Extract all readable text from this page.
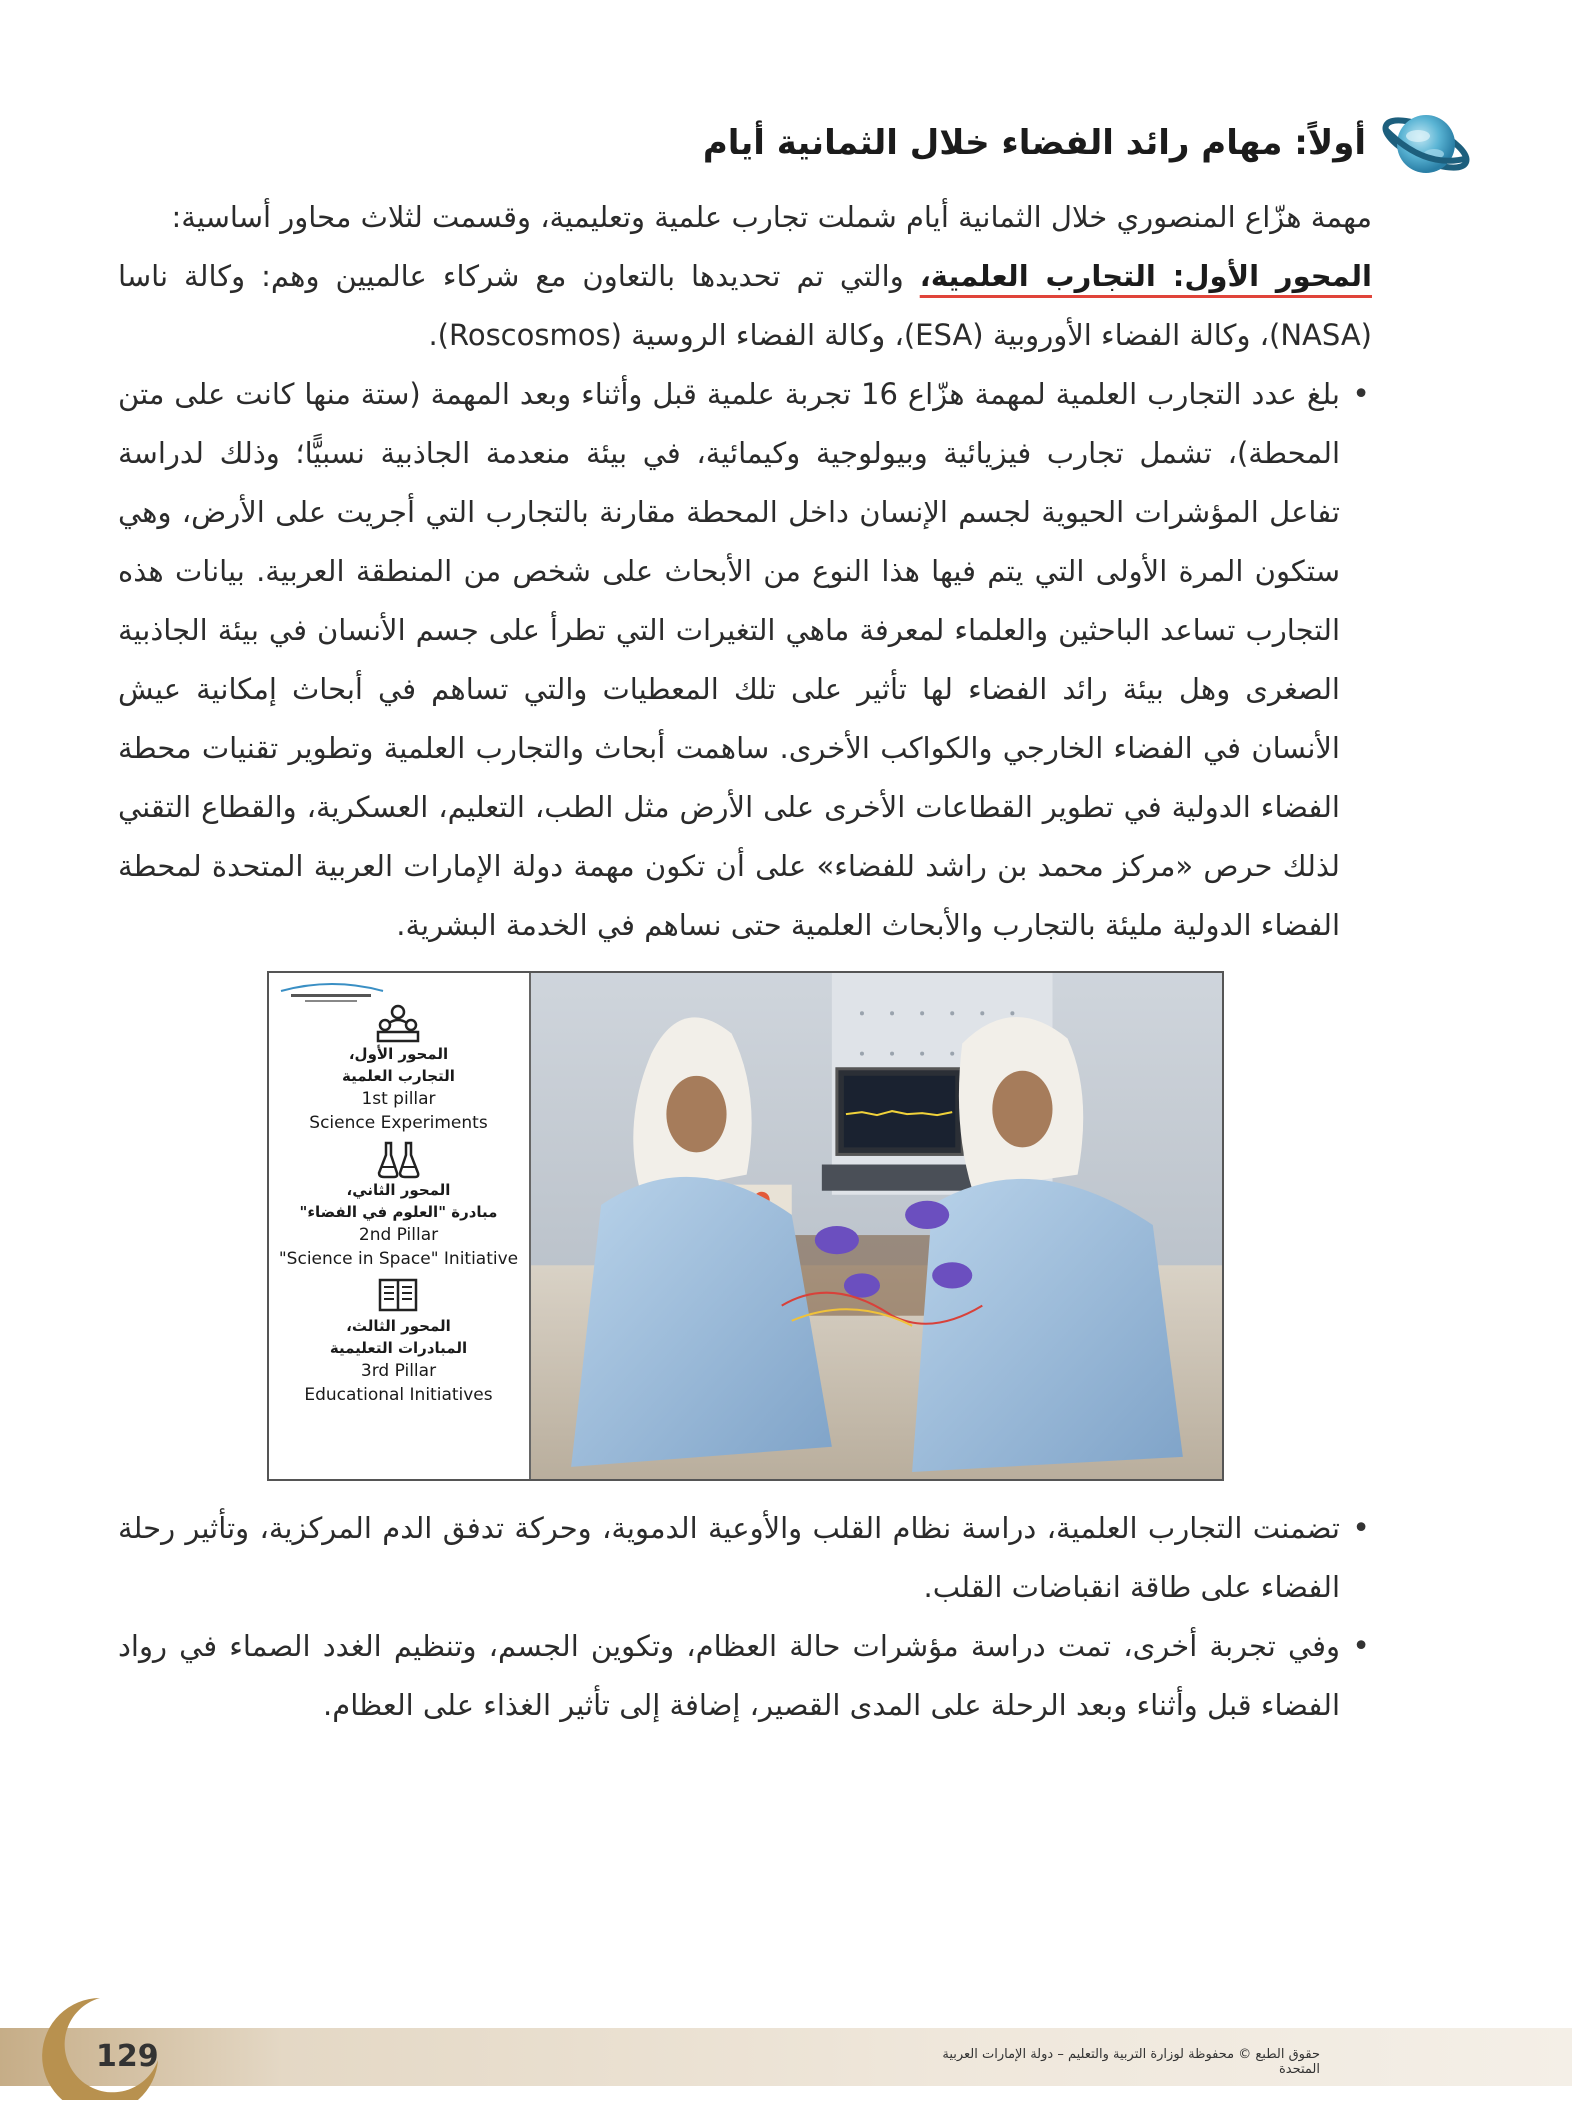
أولاً: مهام رائد الفضاء خلال الثمانية أيام

مهمة هزّاع المنصوري خلال الثمانية أيام شملت تجارب علمية وتعليمية، وقسمت لثلاث محاور أساسية:

المحور الأول: التجارب العلمية، والتي تم تحديدها بالتعاون مع شركاء عالميين وهم: وكالة ناسا (NASA)، وكالة الفضاء الأوروبية (ESA)، وكالة الفضاء الروسية (Roscosmos).

• بلغ عدد التجارب العلمية لمهمة هزّاع 16 تجربة علمية قبل وأثناء وبعد المهمة (ستة منها كانت على متن المحطة)، تشمل تجارب فيزيائية وبيولوجية وكيمائية، في بيئة منعدمة الجاذبية نسبيًّا؛ وذلك لدراسة تفاعل المؤشرات الحيوية لجسم الإنسان داخل المحطة مقارنة بالتجارب التي أجريت على الأرض، وهي ستكون المرة الأولى التي يتم فيها هذا النوع من الأبحاث على شخص من المنطقة العربية. بيانات هذه التجارب تساعد الباحثين والعلماء لمعرفة ماهي التغيرات التي تطرأ على جسم الأنسان في بيئة الجاذبية الصغرى وهل بيئة رائد الفضاء لها تأثير على تلك المعطيات والتي تساهم في أبحاث إمكانية عيش الأنسان في الفضاء الخارجي والكواكب الأخرى. ساهمت أبحاث والتجارب العلمية وتطوير تقنيات محطة الفضاء الدولية في تطوير القطاعات الأخرى على الأرض مثل الطب، التعليم، العسكرية، والقطاع التقني لذلك حرص «مركز محمد بن راشد للفضاء» على أن تكون مهمة دولة الإمارات العربية المتحدة لمحطة الفضاء الدولية مليئة بالتجارب والأبحاث العلمية حتى نساهم في الخدمة البشرية.
المحور الأول،
التجارب العلمية
1st pillar
Science Experiments
المحور الثاني،
مبادرة "العلوم في الفضاء"
2nd Pillar
"Science in Space" Initiative
المحور الثالث،
المبادرات التعليمية
3rd Pillar
Educational Initiatives
• تضمنت التجارب العلمية، دراسة نظام القلب والأوعية الدموية، وحركة تدفق الدم المركزية، وتأثير رحلة الفضاء على طاقة انقباضات القلب.
• وفي تجربة أخرى، تمت دراسة مؤشرات حالة العظام، وتكوين الجسم، وتنظيم الغدد الصماء في رواد الفضاء قبل وأثناء وبعد الرحلة على المدى القصير، إضافة إلى تأثير الغذاء على العظام.
129	حقوق الطبع © محفوظة لوزارة التربية والتعليم – دولة الإمارات العربية المتحدة
